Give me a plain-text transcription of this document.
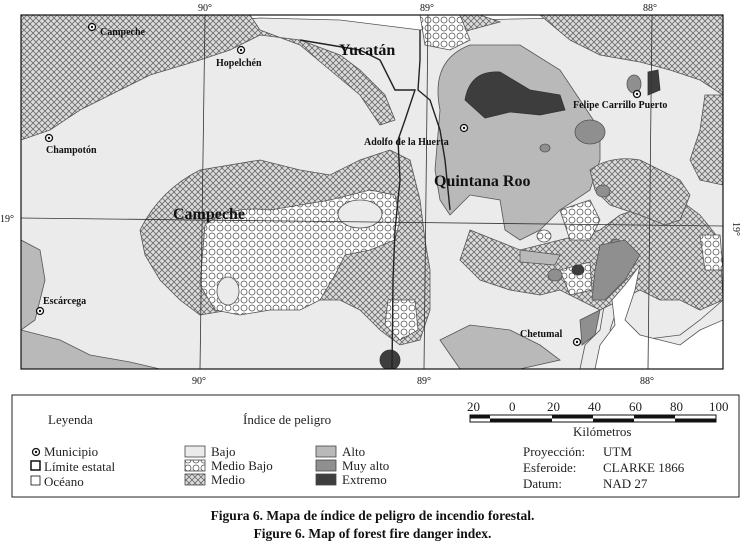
90°	89°	88°
90°	89°	88°
19°
19°
Yucatán
Campeche
Quintana Roo
Campeche
Hopelchén
Champotón
Escárcega
Felipe Carrillo Puerto
Adolfo de la Huerta
Chetumal
Leyenda	Índice de peligro
Municipio
Límite estatal
Océano
Bajo
Medio Bajo
Medio
Alto
Muy alto
Extremo
20 0 20 40 60 80 100
Kilómetros
Proyección: UTM
Esferoide: CLARKE 1866
Datum:	NAD 27
Figura 6. Mapa de índice de peligro de incendio forestal.
Figure 6. Map of forest fire danger index.
